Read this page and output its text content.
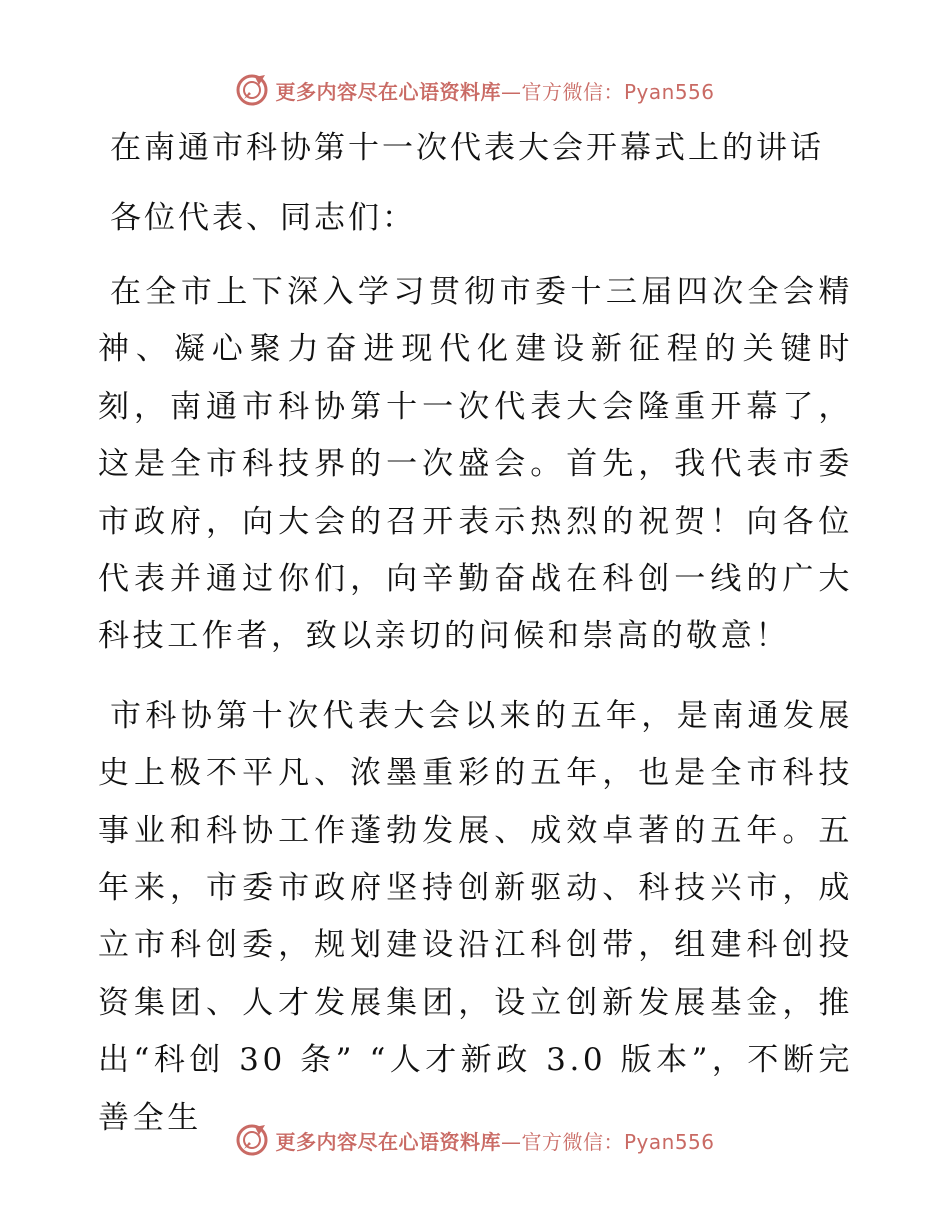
更多内容尽在心语资料库—官方微信：Pyan556
在南通市科协第十一次代表大会开幕式上的讲话

各位代表、同志们：

在全市上下深入学习贯彻市委十三届四次全会精神、凝心聚力奋进现代化建设新征程的关键时刻，南通市科协第十一次代表大会隆重开幕了，这是全市科技界的一次盛会。首先，我代表市委市政府，向大会的召开表示热烈的祝贺！向各位代表并通过你们，向辛勤奋战在科创一线的广大科技工作者，致以亲切的问候和崇高的敬意！

市科协第十次代表大会以来的五年，是南通发展史上极不平凡、浓墨重彩的五年，也是全市科技事业和科协工作蓬勃发展、成效卓著的五年。五年来，市委市政府坚持创新驱动、科技兴市，成立市科创委，规划建设沿江科创带，组建科创投资集团、人才发展集团，设立创新发展基金，推出“科创 30 条” “人才新政 3.0 版本”，不断完善全生

更多内容尽在心语资料库—官方微信：Pyan556
